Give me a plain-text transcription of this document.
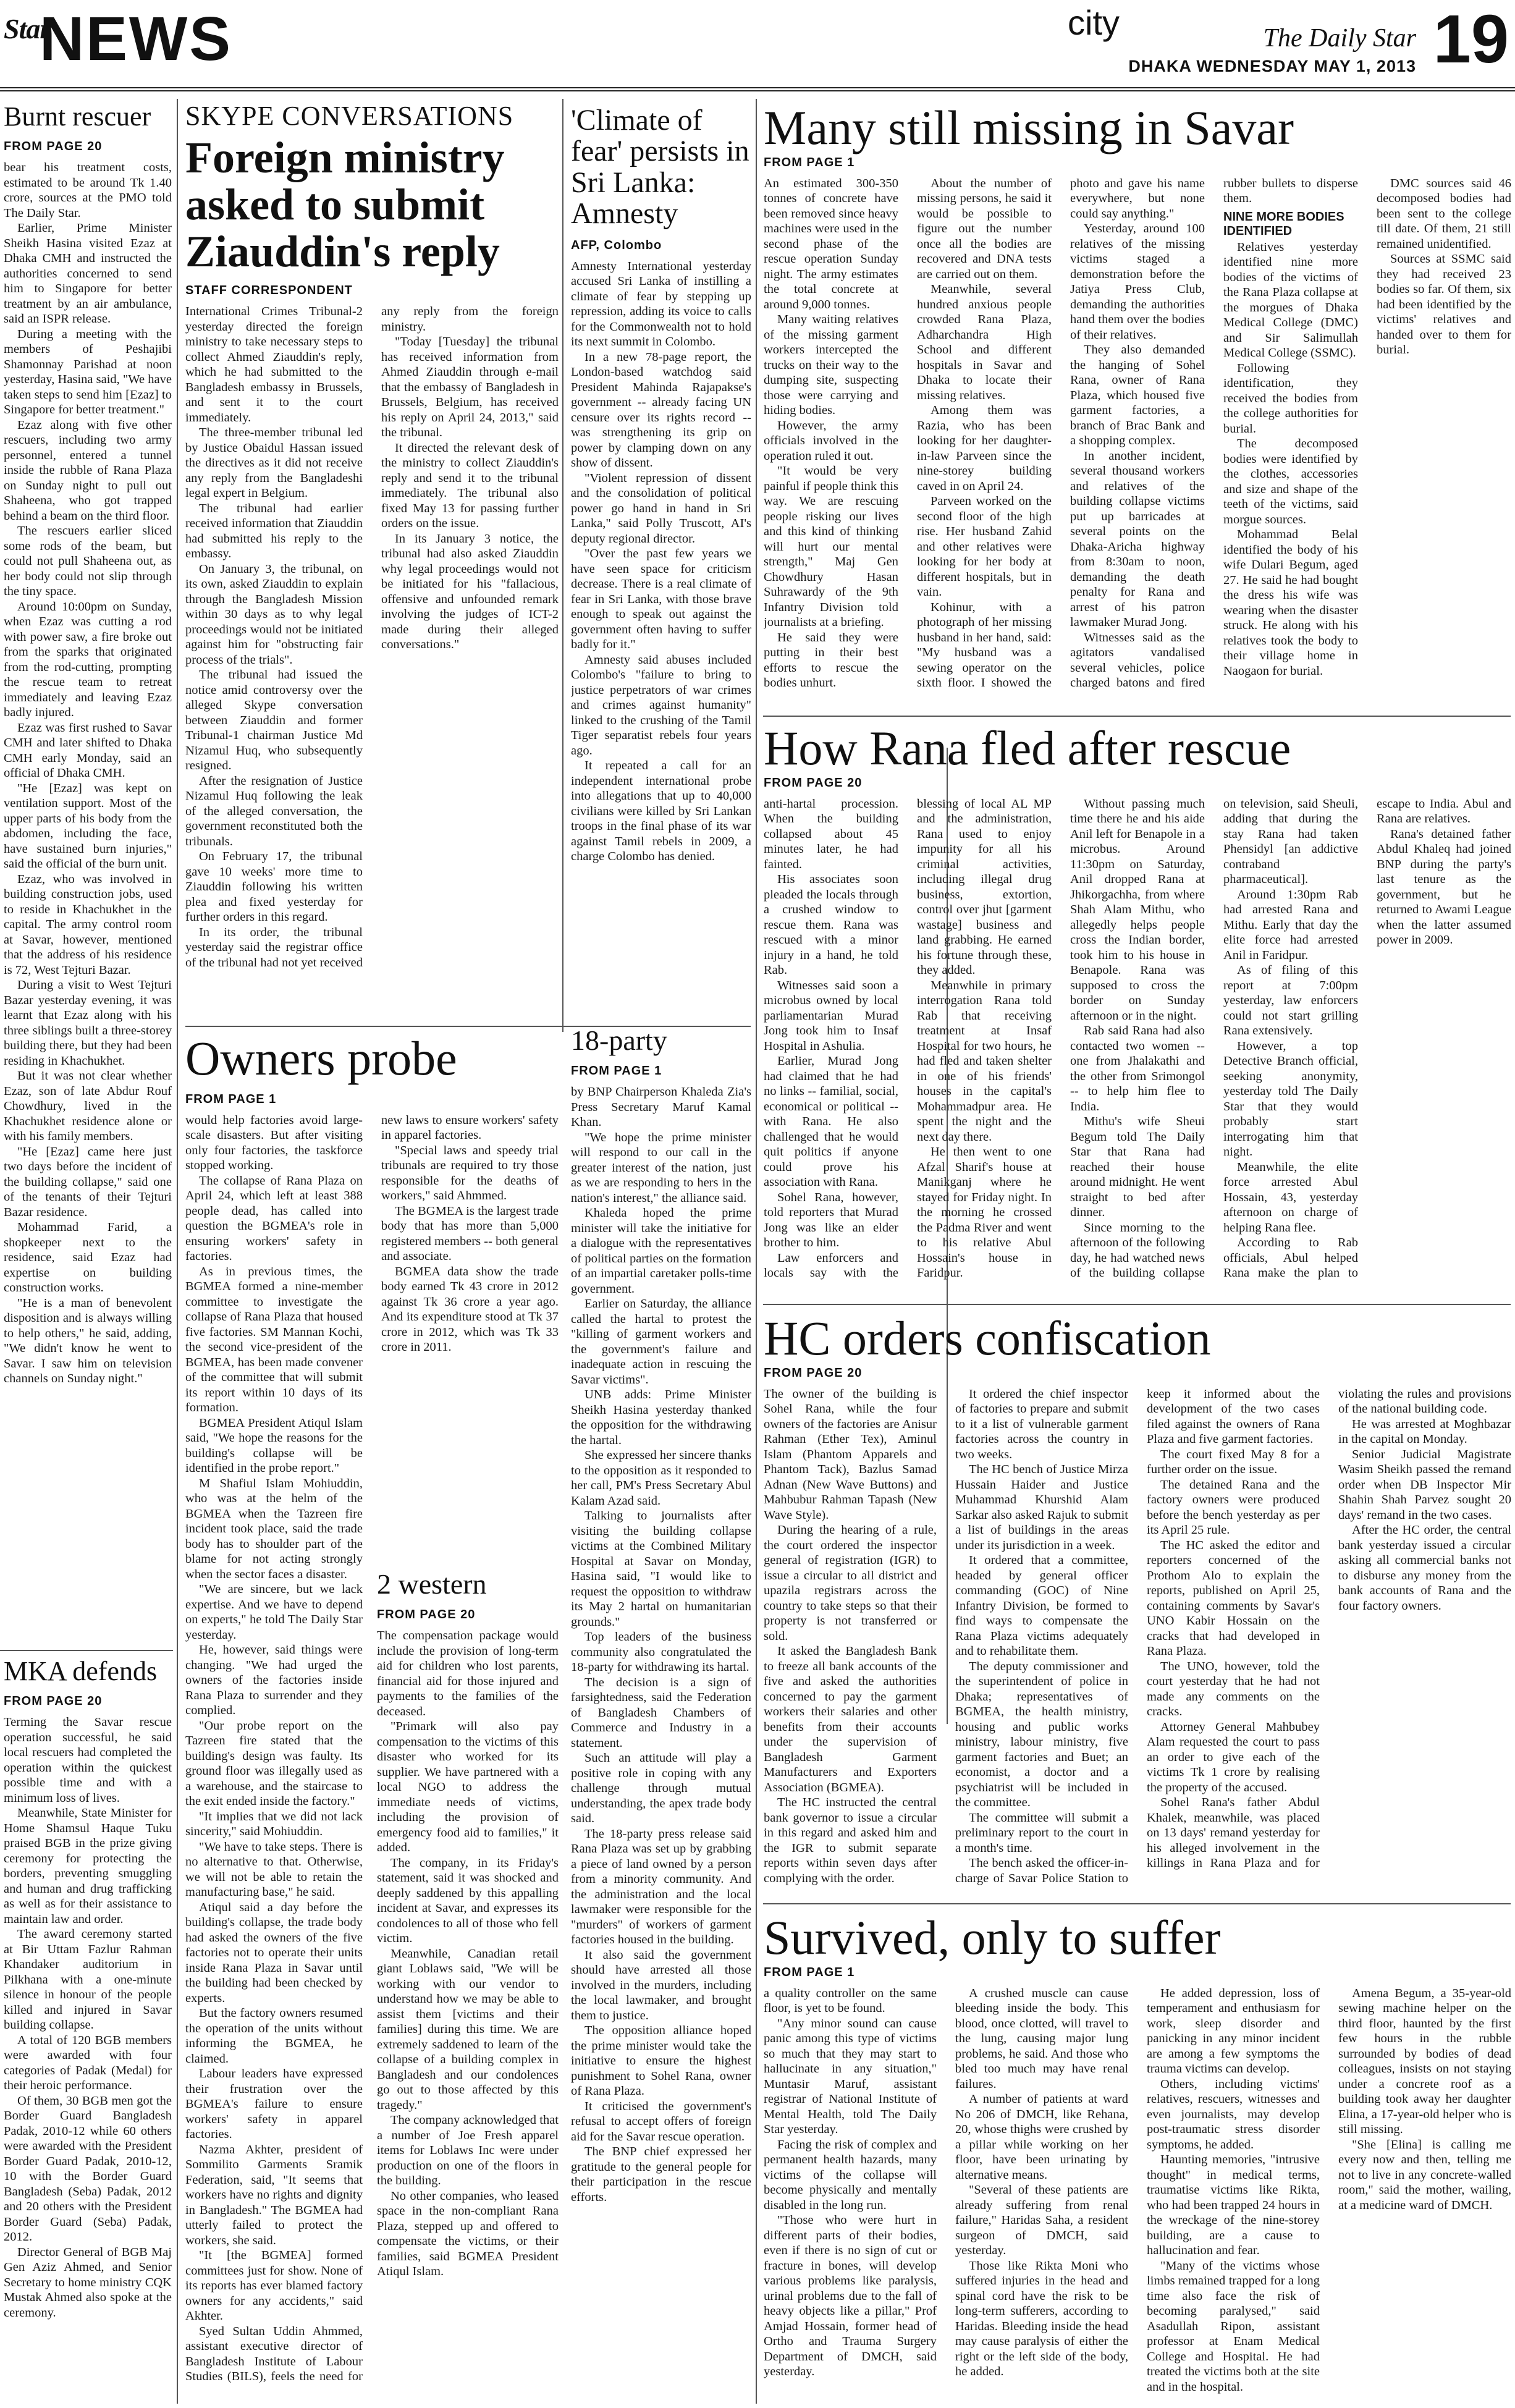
Star
NEWS	city	The Daily Star
DHAKA WEDNESDAY MAY 1, 2013 19
Burnt rescuer
FROM PAGE 20

bear his treatment costs, estimated to be around Tk 1.40 crore, sources at the PMO told The Daily Star.

Earlier, Prime Minister Sheikh Hasina visited Ezaz at Dhaka CMH and instructed the authorities concerned to send him to Singapore for better treatment by an air ambulance, said an ISPR release.

During a meeting with the members of Peshajibi Shamonnay Parishad at noon yesterday, Hasina said, "We have taken steps to send him [Ezaz] to Singapore for better treatment."

Ezaz along with five other rescuers, including two army personnel, entered a tunnel inside the rubble of Rana Plaza on Sunday night to pull out Shaheena, who got trapped behind a beam on the third floor.

The rescuers earlier sliced some rods of the beam, but could not pull Shaheena out, as her body could not slip through the tiny space.

Around 10:00pm on Sunday, when Ezaz was cutting a rod with power saw, a fire broke out from the sparks that originated from the rod-cutting, prompting the rescue team to retreat immediately and leaving Ezaz badly injured.

Ezaz was first rushed to Savar CMH and later shifted to Dhaka CMH early Monday, said an official of Dhaka CMH.

"He [Ezaz] was kept on ventilation support. Most of the upper parts of his body from the abdomen, including the face, have sustained burn injuries," said the official of the burn unit.

Ezaz, who was involved in building construction jobs, used to reside in Khachukhet in the capital. The army control room at Savar, however, mentioned that the address of his residence is 72, West Tejturi Bazar.

During a visit to West Tejturi Bazar yesterday evening, it was learnt that Ezaz along with his three siblings built a three-storey building there, but they had been residing in Khachukhet.

But it was not clear whether Ezaz, son of late Abdur Rouf Chowdhury, lived in the Khachukhet residence alone or with his family members.

"He [Ezaz] came here just two days before the incident of the building collapse," said one of the tenants of their Tejturi Bazar residence.

Mohammad Farid, a shopkeeper next to the residence, said Ezaz had expertise on building construction works.

"He is a man of benevolent disposition and is always willing to help others," he said, adding, "We didn't know he went to Savar. I saw him on television channels on Sunday night."

MKA defends
FROM PAGE 20

Terming the Savar rescue operation successful, he said local rescuers had completed the operation within the quickest possible time and with a minimum loss of lives.

Meanwhile, State Minister for Home Shamsul Haque Tuku praised BGB in the prize giving ceremony for protecting the borders, preventing smuggling and human and drug trafficking as well as for their assistance to maintain law and order.

The award ceremony started at Bir Uttam Fazlur Rahman Khandaker auditorium in Pilkhana with a one-minute silence in honour of the people killed and injured in Savar building collapse.

A total of 120 BGB members were awarded with four categories of Padak (Medal) for their heroic performance.

Of them, 30 BGB men got the Border Guard Bangladesh Padak, 2010-12 while 60 others were awarded with the President Border Guard Padak, 2010-12, 10 with the Border Guard Bangladesh (Seba) Padak, 2012 and 20 others with the President Border Guard (Seba) Padak, 2012.

Director General of BGB Maj Gen Aziz Ahmed, and Senior Secretary to home ministry CQK Mustak Ahmed also spoke at the ceremony.

SKYPE CONVERSATIONS
Foreign ministry asked to submit Ziauddin's reply
STAFF CORRESPONDENT

International Crimes Tribunal-2 yesterday directed the foreign ministry to take necessary steps to collect Ahmed Ziauddin's reply, which he had submitted to the Bangladesh embassy in Brussels, and sent it to the court immediately.

The three-member tribunal led by Justice Obaidul Hassan issued the directives as it did not receive any reply from the Bangladeshi legal expert in Belgium.

The tribunal had earlier received information that Ziauddin had submitted his reply to the embassy.

On January 3, the tribunal, on its own, asked Ziauddin to explain through the Bangladesh Mission within 30 days as to why legal proceedings would not be initiated against him for "obstructing fair process of the trials".

The tribunal had issued the notice amid controversy over the alleged Skype conversation between Ziauddin and former Tribunal-1 chairman Justice Md Nizamul Huq, who subsequently resigned.

After the resignation of Justice Nizamul Huq following the leak of the alleged conversation, the government reconstituted both the tribunals.

On February 17, the tribunal gave 10 weeks' more time to Ziauddin following his written plea and fixed yesterday for further orders in this regard.

In its order, the tribunal yesterday said the registrar office of the tribunal had not yet received any reply from the foreign ministry.

"Today [Tuesday] the tribunal has received information from Ahmed Ziauddin through e-mail that the embassy of Bangladesh in Brussels, Belgium, has received his reply on April 24, 2013," said the tribunal.

It directed the relevant desk of the ministry to collect Ziauddin's reply and send it to the tribunal immediately. The tribunal also fixed May 13 for passing further orders on the issue.

In its January 3 notice, the tribunal had also asked Ziauddin why legal proceedings would not be initiated for his "fallacious, offensive and unfounded remark involving the judges of ICT-2 made during their alleged conversations."

'Climate of fear' persists in Sri Lanka: Amnesty
AFP, Colombo

Amnesty International yesterday accused Sri Lanka of instilling a climate of fear by stepping up repression, adding its voice to calls for the Commonwealth not to hold its next summit in Colombo.

In a new 78-page report, the London-based watchdog said President Mahinda Rajapakse's government -- already facing UN censure over its rights record -- was strengthening its grip on power by clamping down on any show of dissent.

"Violent repression of dissent and the consolidation of political power go hand in hand in Sri Lanka," said Polly Truscott, AI's deputy regional director.

"Over the past few years we have seen space for criticism decrease. There is a real climate of fear in Sri Lanka, with those brave enough to speak out against the government often having to suffer badly for it."

Amnesty said abuses included Colombo's "failure to bring to justice perpetrators of war crimes and crimes against humanity" linked to the crushing of the Tamil Tiger separatist rebels four years ago.

It repeated a call for an independent international probe into allegations that up to 40,000 civilians were killed by Sri Lankan troops in the final phase of its war against Tamil rebels in 2009, a charge Colombo has denied.

Many still missing in Savar
FROM PAGE 1

An estimated 300-350 tonnes of concrete have been removed since heavy machines were used in the second phase of the rescue operation Sunday night. The army estimates the total concrete at around 9,000 tonnes.

Many waiting relatives of the missing garment workers intercepted the trucks on their way to the dumping site, suspecting those were carrying and hiding bodies.

However, the army officials involved in the operation ruled it out.

"It would be very painful if people think this way. We are rescuing people risking our lives and this kind of thinking will hurt our mental strength," Maj Gen Chowdhury Hasan Suhrawardy of the 9th Infantry Division told journalists at a briefing.

He said they were putting in their best efforts to rescue the bodies unhurt.

About the number of missing persons, he said it would be possible to figure out the number once all the bodies are recovered and DNA tests are carried out on them.

Meanwhile, several hundred anxious people crowded Rana Plaza, Adharchandra High School and different hospitals in Savar and Dhaka to locate their missing relatives.

Among them was Razia, who has been looking for her daughter-in-law Parveen since the nine-storey building caved in on April 24.

Parveen worked on the second floor of the high rise. Her husband Zahid and other relatives were looking for her body at different hospitals, but in vain.

Kohinur, with a photograph of her missing husband in her hand, said: "My husband was a sewing operator on the sixth floor. I showed the photo and gave his name everywhere, but none could say anything."

Yesterday, around 100 relatives of the missing victims staged a demonstration before the Jatiya Press Club, demanding the authorities hand them over the bodies of their relatives.

They also demanded the hanging of Sohel Rana, owner of Rana Plaza, which housed five garment factories, a branch of Brac Bank and a shopping complex.

In another incident, several thousand workers and relatives of the building collapse victims put up barricades at several points on the Dhaka-Aricha highway from 8:30am to noon, demanding the death penalty for Rana and arrest of his patron lawmaker Murad Jong.

Witnesses said as the agitators vandalised several vehicles, police charged batons and fired rubber bullets to disperse them.

NINE MORE BODIES IDENTIFIED

Relatives yesterday identified nine more bodies of the victims of the Rana Plaza collapse at the morgues of Dhaka Medical College (DMC) and Sir Salimullah Medical College (SSMC).

Following identification, they received the bodies from the college authorities for burial.

The decomposed bodies were identified by the clothes, accessories and size and shape of the teeth of the victims, said morgue sources.

Mohammad Belal identified the body of his wife Dulari Begum, aged 27. He said he had bought the dress his wife was wearing when the disaster struck. He along with his relatives took the body to their village home in Naogaon for burial.

DMC sources said 46 decomposed bodies had been sent to the college till date. Of them, 21 still remained unidentified.

Sources at SSMC said they had received 23 bodies so far. Of them, six had been identified by the victims' relatives and handed over to them for burial.

How Rana fled after rescue
FROM PAGE 20

anti-hartal procession. When the building collapsed about 45 minutes later, he had fainted.

His associates soon pleaded the locals through a crushed window to rescue them. Rana was rescued with a minor injury in a hand, he told Rab.

Witnesses said soon a microbus owned by local parliamentarian Murad Jong took him to Insaf Hospital in Ashulia.

Earlier, Murad Jong had claimed that he had no links -- familial, social, economical or political -- with Rana. He also challenged that he would quit politics if anyone could prove his association with Rana.

Sohel Rana, however, told reporters that Murad Jong was like an elder brother to him.

Law enforcers and locals say with the blessing of local AL MP and the administration, Rana used to enjoy impunity for all his criminal activities, including illegal drug business, extortion, control over jhut [garment wastage] business and land grabbing. He earned his fortune through these, they added.

Meanwhile in primary interrogation Rana told Rab that receiving treatment at Insaf Hospital for two hours, he had fled and taken shelter in one of his friends' houses in the capital's Mohammadpur area. He spent the night and the next day there.

He then went to one Afzal Sharif's house at Manikganj where he stayed for Friday night. In the morning he crossed the Padma River and went to his relative Abul Hossain's house in Faridpur.

Without passing much time there he and his aide Anil left for Benapole in a microbus. Around 11:30pm on Saturday, Anil dropped Rana at Jhikorgachha, from where Shah Alam Mithu, who allegedly helps people cross the Indian border, took him to his house in Benapole. Rana was supposed to cross the border on Sunday afternoon or in the night.

Rab said Rana had also contacted two women -- one from Jhalakathi and the other from Srimongol -- to help him flee to India.

Mithu's wife Sheui Begum told The Daily Star that Rana had reached their house around midnight. He went straight to bed after dinner.

Since morning to the afternoon of the following day, he had watched news of the building collapse on television, said Sheuli, adding that during the stay Rana had taken Phensidyl [an addictive contraband pharmaceutical].

Around 1:30pm Rab had arrested Rana and Mithu. Early that day the elite force had arrested Anil in Faridpur.

As of filing of this report at 7:00pm yesterday, law enforcers could not start grilling Rana extensively.

However, a top Detective Branch official, seeking anonymity, yesterday told The Daily Star that they would probably start interrogating him that night.

Meanwhile, the elite force arrested Abul Hossain, 43, yesterday afternoon on charge of helping Rana flee.

According to Rab officials, Abul helped Rana make the plan to escape to India. Abul and Rana are relatives.

Rana's detained father Abdul Khaleq had joined BNP during the party's last tenure as the government, but he returned to Awami League when the latter assumed power in 2009.

Owners probe
FROM PAGE 1

would help factories avoid large-scale disasters. But after visiting only four factories, the taskforce stopped working.

The collapse of Rana Plaza on April 24, which left at least 388 people dead, has called into question the BGMEA's role in ensuring workers' safety in factories.

As in previous times, the BGMEA formed a nine-member committee to investigate the collapse of Rana Plaza that housed five factories. SM Mannan Kochi, the second vice-president of the BGMEA, has been made convener of the committee that will submit its report within 10 days of its formation.

BGMEA President Atiqul Islam said, "We hope the reasons for the building's collapse will be identified in the probe report."

M Shafiul Islam Mohiuddin, who was at the helm of the BGMEA when the Tazreen fire incident took place, said the trade body has to shoulder part of the blame for not acting strongly when the sector faces a disaster.

"We are sincere, but we lack expertise. And we have to depend on experts," he told The Daily Star yesterday.

He, however, said things were changing. "We had urged the owners of the factories inside Rana Plaza to surrender and they complied.

"Our probe report on the Tazreen fire stated that the building's design was faulty. Its ground floor was illegally used as a warehouse, and the staircase to the exit ended inside the factory."

"It implies that we did not lack sincerity," said Mohiuddin.

"We have to take steps. There is no alternative to that. Otherwise, we will not be able to retain the manufacturing base," he said.

Atiqul said a day before the building's collapse, the trade body had asked the owners of the five factories not to operate their units inside Rana Plaza in Savar until the building had been checked by experts.

But the factory owners resumed the operation of the units without informing the BGMEA, he claimed.

Labour leaders have expressed their frustration over the BGMEA's failure to ensure workers' safety in apparel factories.

Nazma Akhter, president of Sommilito Garments Sramik Federation, said, "It seems that workers have no rights and dignity in Bangladesh." The BGMEA had utterly failed to protect the workers, she said.

"It [the BGMEA] formed committees just for show. None of its reports has ever blamed factory owners for any accidents," said Akhter.

Syed Sultan Uddin Ahmmed, assistant executive director of Bangladesh Institute of Labour Studies (BILS), feels the need for new laws to ensure workers' safety in apparel factories.

"Special laws and speedy trial tribunals are required to try those responsible for the deaths of workers," said Ahmmed.

The BGMEA is the largest trade body that has more than 5,000 registered members -- both general and associate.

BGMEA data show the trade body earned Tk 43 crore in 2012 against Tk 36 crore a year ago. And its expenditure stood at Tk 37 crore in 2012, which was Tk 33 crore in 2011.

2 western
FROM PAGE 20

The compensation package would include the provision of long-term aid for children who lost parents, financial aid for those injured and payments to the families of the deceased.

"Primark will also pay compensation to the victims of this disaster who worked for its supplier. We have partnered with a local NGO to address the immediate needs of victims, including the provision of emergency food aid to families," it added.

The company, in its Friday's statement, said it was shocked and deeply saddened by this appalling incident at Savar, and expresses its condolences to all of those who fell victim.

Meanwhile, Canadian retail giant Loblaws said, "We will be working with our vendor to understand how we may be able to assist them [victims and their families] during this time. We are extremely saddened to learn of the collapse of a building complex in Bangladesh and our condolences go out to those affected by this tragedy."

The company acknowledged that a number of Joe Fresh apparel items for Loblaws Inc were under production on one of the floors in the building.

No other companies, who leased space in the non-compliant Rana Plaza, stepped up and offered to compensate the victims, or their families, said BGMEA President Atiqul Islam.

18-party
FROM PAGE 1

by BNP Chairperson Khaleda Zia's Press Secretary Maruf Kamal Khan.

"We hope the prime minister will respond to our call in the greater interest of the nation, just as we are responding to hers in the nation's interest," the alliance said.

Khaleda hoped the prime minister will take the initiative for a dialogue with the representatives of political parties on the formation of an impartial caretaker polls-time government.

Earlier on Saturday, the alliance called the hartal to protest the "killing of garment workers and the government's failure and inadequate action in rescuing the Savar victims".

UNB adds: Prime Minister Sheikh Hasina yesterday thanked the opposition for the withdrawing the hartal.

She expressed her sincere thanks to the opposition as it responded to her call, PM's Press Secretary Abul Kalam Azad said.

Talking to journalists after visiting the building collapse victims at the Combined Military Hospital at Savar on Monday, Hasina said, "I would like to request the opposition to withdraw its May 2 hartal on humanitarian grounds."

Top leaders of the business community also congratulated the 18-party for withdrawing its hartal.

The decision is a sign of farsightedness, said the Federation of Bangladesh Chambers of Commerce and Industry in a statement.

Such an attitude will play a positive role in coping with any challenge through mutual understanding, the apex trade body said.

The 18-party press release said Rana Plaza was set up by grabbing a piece of land owned by a person from a minority community. And the administration and the local lawmaker were responsible for the "murders" of workers of garment factories housed in the building.

It also said the government should have arrested all those involved in the murders, including the local lawmaker, and brought them to justice.

The opposition alliance hoped the prime minister would take the initiative to ensure the highest punishment to Sohel Rana, owner of Rana Plaza.

It criticised the government's refusal to accept offers of foreign aid for the Savar rescue operation.

The BNP chief expressed her gratitude to the general people for their participation in the rescue efforts.

HC orders confiscation
FROM PAGE 20

The owner of the building is Sohel Rana, while the four owners of the factories are Anisur Rahman (Ether Tex), Aminul Islam (Phantom Apparels and Phantom Tack), Bazlus Samad Adnan (New Wave Buttons) and Mahbubur Rahman Tapash (New Wave Style).

During the hearing of a rule, the court ordered the inspector general of registration (IGR) to issue a circular to all district and upazila registrars across the country to take steps so that their property is not transferred or sold.

It asked the Bangladesh Bank to freeze all bank accounts of the five and asked the authorities concerned to pay the garment workers their salaries and other benefits from their accounts under the supervision of Bangladesh Garment Manufacturers and Exporters Association (BGMEA).

The HC instructed the central bank governor to issue a circular in this regard and asked him and the IGR to submit separate reports within seven days after complying with the order.

It ordered the chief inspector of factories to prepare and submit to it a list of vulnerable garment factories across the country in two weeks.

The HC bench of Justice Mirza Hussain Haider and Justice Muhammad Khurshid Alam Sarkar also asked Rajuk to submit a list of buildings in the areas under its jurisdiction in a week.

It ordered that a committee, headed by general officer commanding (GOC) of Nine Infantry Division, be formed to find ways to compensate the Rana Plaza victims adequately and to rehabilitate them.

The deputy commissioner and the superintendent of police in Dhaka; representatives of BGMEA, the health ministry, housing and public works ministry, labour ministry, five garment factories and Buet; an economist, a doctor and a psychiatrist will be included in the committee.

The committee will submit a preliminary report to the court in a month's time.

The bench asked the officer-in-charge of Savar Police Station to keep it informed about the development of the two cases filed against the owners of Rana Plaza and five garment factories.

The court fixed May 8 for a further order on the issue.

The detained Rana and the factory owners were produced before the bench yesterday as per its April 25 rule.

The HC asked the editor and reporters concerned of the Prothom Alo to explain the reports, published on April 25, containing comments by Savar's UNO Kabir Hossain on the cracks that had developed in Rana Plaza.

The UNO, however, told the court yesterday that he had not made any comments on the cracks.

Attorney General Mahbubey Alam requested the court to pass an order to give each of the victims Tk 1 crore by realising the property of the accused.

Sohel Rana's father Abdul Khalek, meanwhile, was placed on 13 days' remand yesterday for his alleged involvement in the killings in Rana Plaza and for violating the rules and provisions of the national building code.

He was arrested at Moghbazar in the capital on Monday.

Senior Judicial Magistrate Wasim Sheikh passed the remand order when DB Inspector Mir Shahin Shah Parvez sought 20 days' remand in the two cases.

After the HC order, the central bank yesterday issued a circular asking all commercial banks not to disburse any money from the bank accounts of Rana and the four factory owners.

Survived, only to suffer
FROM PAGE 1

a quality controller on the same floor, is yet to be found.

"Any minor sound can cause panic among this type of victims so much that they may start to hallucinate in any situation," Muntasir Maruf, assistant registrar of National Institute of Mental Health, told The Daily Star yesterday.

Facing the risk of complex and permanent health hazards, many victims of the collapse will become physically and mentally disabled in the long run.

"Those who were hurt in different parts of their bodies, even if there is no sign of cut or fracture in bones, will develop various problems like paralysis, urinal problems due to the fall of heavy objects like a pillar," Prof Amjad Hossain, former head of Ortho and Trauma Surgery Department of DMCH, said yesterday.

A crushed muscle can cause bleeding inside the body. This blood, once clotted, will travel to the lung, causing major lung problems, he said. And those who bled too much may have renal failures.

A number of patients at ward No 206 of DMCH, like Rehana, 20, whose thighs were crushed by a pillar while working on her floor, have been urinating by alternative means.

"Several of these patients are already suffering from renal failure," Haridas Saha, a resident surgeon of DMCH, said yesterday.

Those like Rikta Moni who suffered injuries in the head and spinal cord have the risk to be long-term sufferers, according to Haridas. Bleeding inside the head may cause paralysis of either the right or the left side of the body, he added.

He added depression, loss of temperament and enthusiasm for work, sleep disorder and panicking in any minor incident are among a few symptoms the trauma victims can develop.

Others, including victims' relatives, rescuers, witnesses and even journalists, may develop post-traumatic stress disorder symptoms, he added.

Haunting memories, "intrusive thought" in medical terms, traumatise victims like Rikta, who had been trapped 24 hours in the wreckage of the nine-storey building, are a cause to hallucination and fear.

"Many of the victims whose limbs remained trapped for a long time also face the risk of becoming paralysed," said Asadullah Ripon, assistant professor at Enam Medical College and Hospital. He had treated the victims both at the site and in the hospital.

Amena Begum, a 35-year-old sewing machine helper on the third floor, haunted by the first few hours in the rubble surrounded by bodies of dead colleagues, insists on not staying under a concrete roof as a building took away her daughter Elina, a 17-year-old helper who is still missing.

"She [Elina] is calling me every now and then, telling me not to live in any concrete-walled room," said the mother, wailing, at a medicine ward of DMCH.
